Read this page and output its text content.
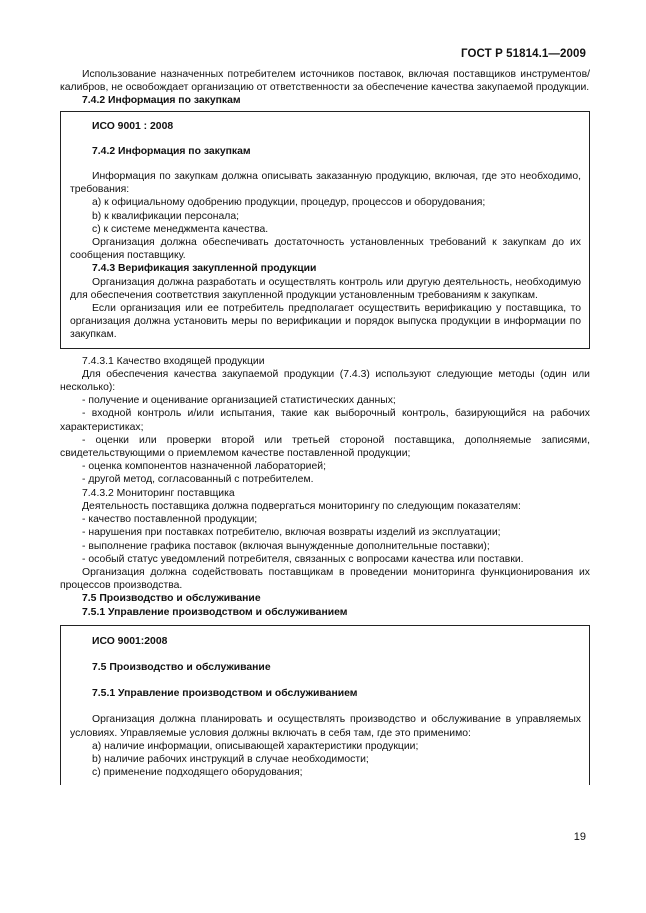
ГОСТ Р 51814.1—2009

Использование назначенных потребителем источников поставок, включая поставщиков инструментов/калибров, не освобождает организацию от ответственности за обеспечение качества закупаемой продукции.

7.4.2 Информация по закупкам

ИСО 9001 : 2008

7.4.2 Информация по закупкам

Информация по закупкам должна описывать заказанную продукцию, включая, где это необходимо, требования:

a) к официальному одобрению продукции, процедур, процессов и оборудования;

b) к квалификации персонала;

c) к системе менеджмента качества.

Организация должна обеспечивать достаточность установленных требований к закупкам до их сообщения поставщику.

7.4.3 Верификация закупленной продукции

Организация должна разработать и осуществлять контроль или другую деятельность, необходимую для обеспечения соответствия закупленной продукции установленным требованиям к закупкам.

Если организация или ее потребитель предполагает осуществить верификацию у поставщика, то организация должна установить меры по верификации и порядок выпуска продукции в информации по закупкам.

7.4.3.1 Качество входящей продукции

Для обеспечения качества закупаемой продукции (7.4.3) используют следующие методы (один или несколько):

- получение и оценивание организацией статистических данных;

- входной контроль и/или испытания, такие как выборочный контроль, базирующийся на рабочих характеристиках;

- оценки или проверки второй или третьей стороной поставщика, дополняемые записями, свидетельствующими о приемлемом качестве поставленной продукции;

- оценка компонентов назначенной лабораторией;

- другой метод, согласованный с потребителем.

7.4.3.2 Мониторинг поставщика

Деятельность поставщика должна подвергаться мониторингу по следующим показателям:

- качество поставленной продукции;

- нарушения при поставках потребителю, включая возвраты изделий из эксплуатации;

- выполнение графика поставок (включая вынужденные дополнительные поставки);

- особый статус уведомлений потребителя, связанных с вопросами качества или поставки.

Организация должна содействовать поставщикам в проведении мониторинга функционирования их процессов производства.

7.5 Производство и обслуживание

7.5.1 Управление производством и обслуживанием

ИСО 9001:2008

7.5 Производство и обслуживание

7.5.1 Управление производством и обслуживанием

Организация должна планировать и осуществлять производство и обслуживание в управляемых условиях. Управляемые условия должны включать в себя там, где это применимо:

a) наличие информации, описывающей характеристики продукции;

b) наличие рабочих инструкций в случае необходимости;

c) применение подходящего оборудования;

19
